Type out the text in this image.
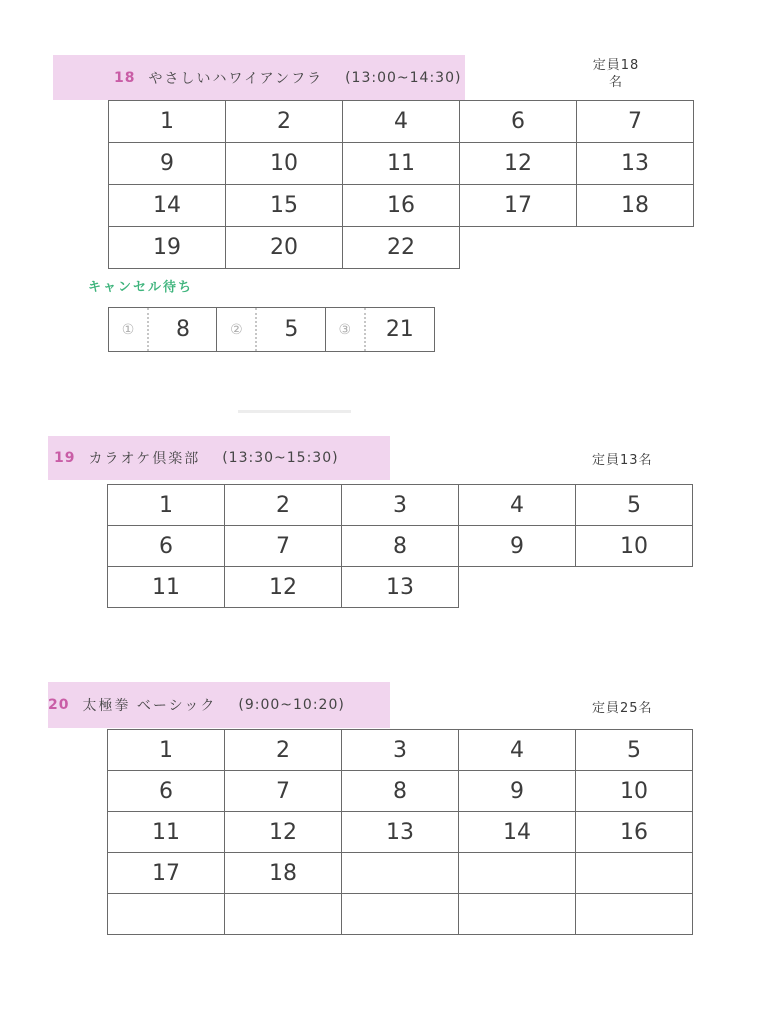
18 やさしいハワイアンフラ (13:00~14:30)
定員18
名
1	2	4	6	7
9	10	11	12	13
14	15	16	17	18
19	20	22		
キャンセル待ち
①	8	②	5	③	21
19 カラオケ倶楽部 (13:30~15:30)	定員13名
1	2	3	4	5
6	7	8	9	10
11	12	13		
20 太極拳 ベーシック (9:00~10:20)	定員25名
1	2	3	4	5
6	7	8	9	10
11	12	13	14	16
17	18			
